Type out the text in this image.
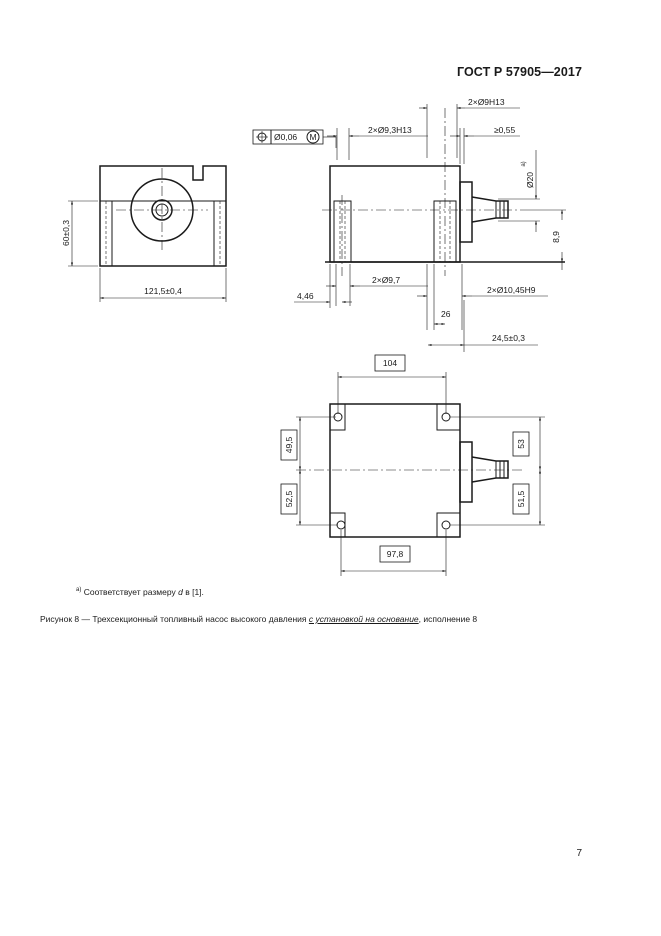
ГОСТ Р 57905—2017
60±0,3
121,5±0,4
Ø0,06 M
2×Ø9Н13
2×Ø9,3Н13	≥0,55
Ø20
a)
8,9
2×Ø9,7
4,46
2×Ø10,45Н9
26
24,5±0,3
104
49,5
52,5
53
51,5
97,8
$^{а)}$ Соответствует размеру d в [1].
Рисунок 8 — Трехсекционный топливный насос высокого давления с установкой на основание, исполнение 8
7
